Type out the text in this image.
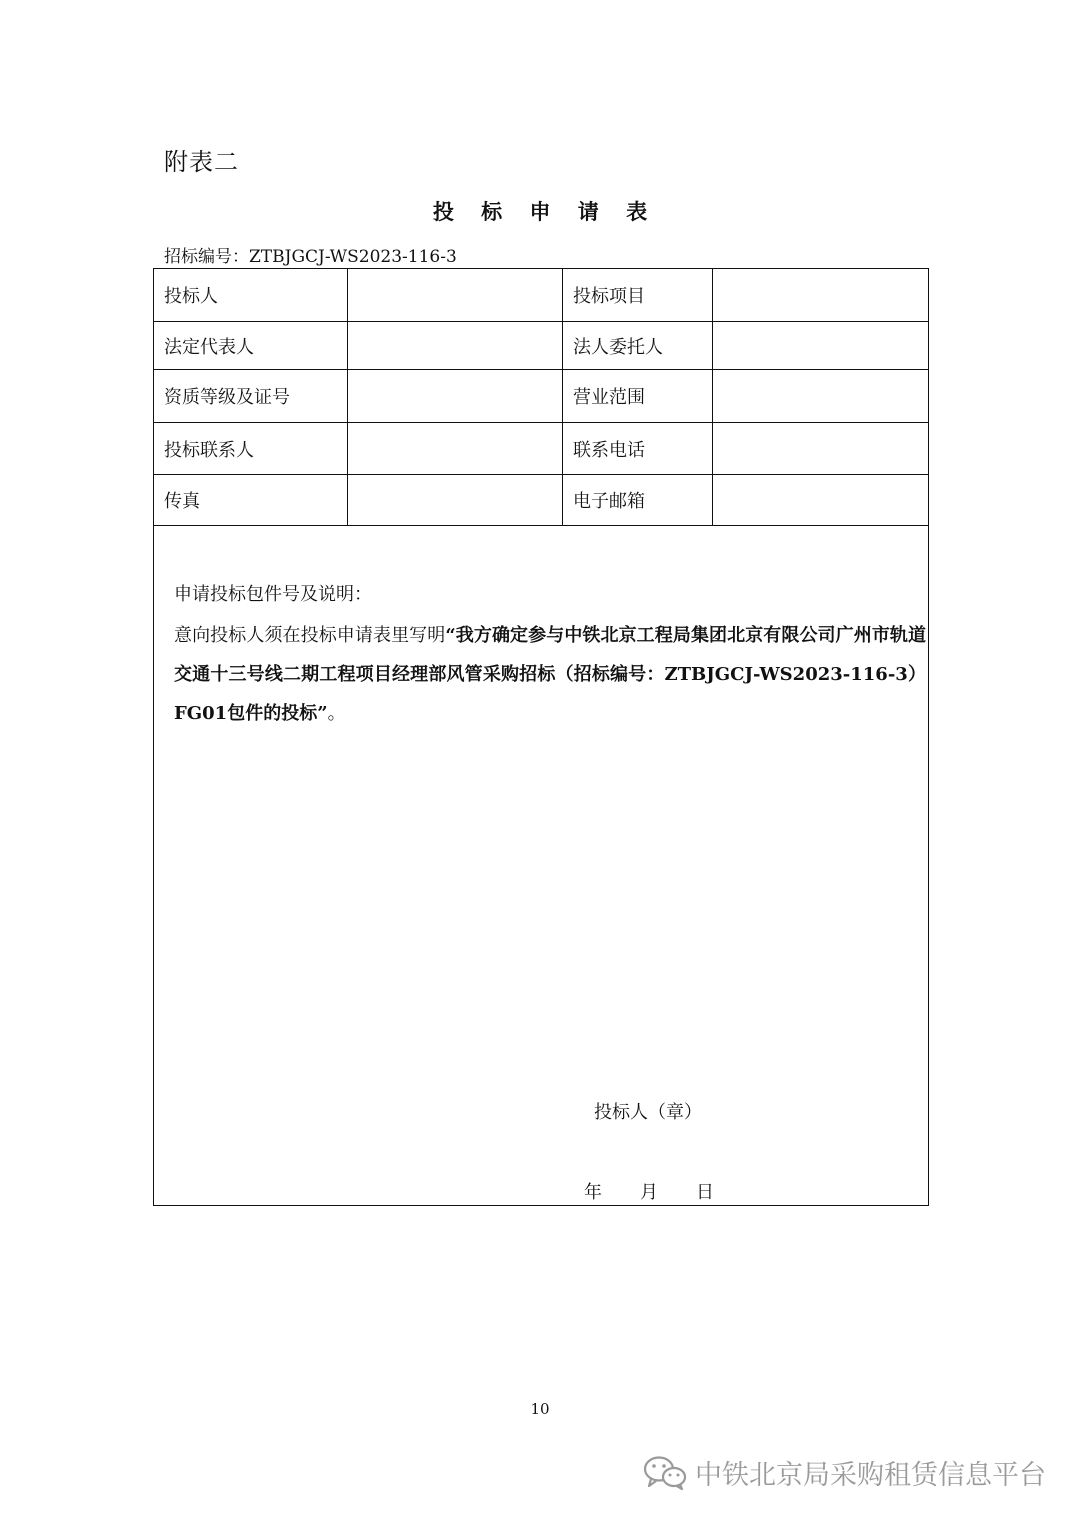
附表二
投 标 申 请 表
招标编号：ZTBJGCJ-WS2023-116-3
投标人		投标项目	
法定代表人		法人委托人	
资质等级及证号		营业范围	
投标联系人		联系电话	
传真		电子邮箱	

申请投标包件号及说明：
意向投标人须在投标申请表里写明“我方确定参与中铁北京工程局集团北京有限公司广州市轨道交通十三号线二期工程项目经理部风管采购招标（招标编号：ZTBJGCJ-WS2023-116-3）FG01包件的投标”。
投标人（章）
年 月 日			
10
中铁北京局采购租赁信息平台
